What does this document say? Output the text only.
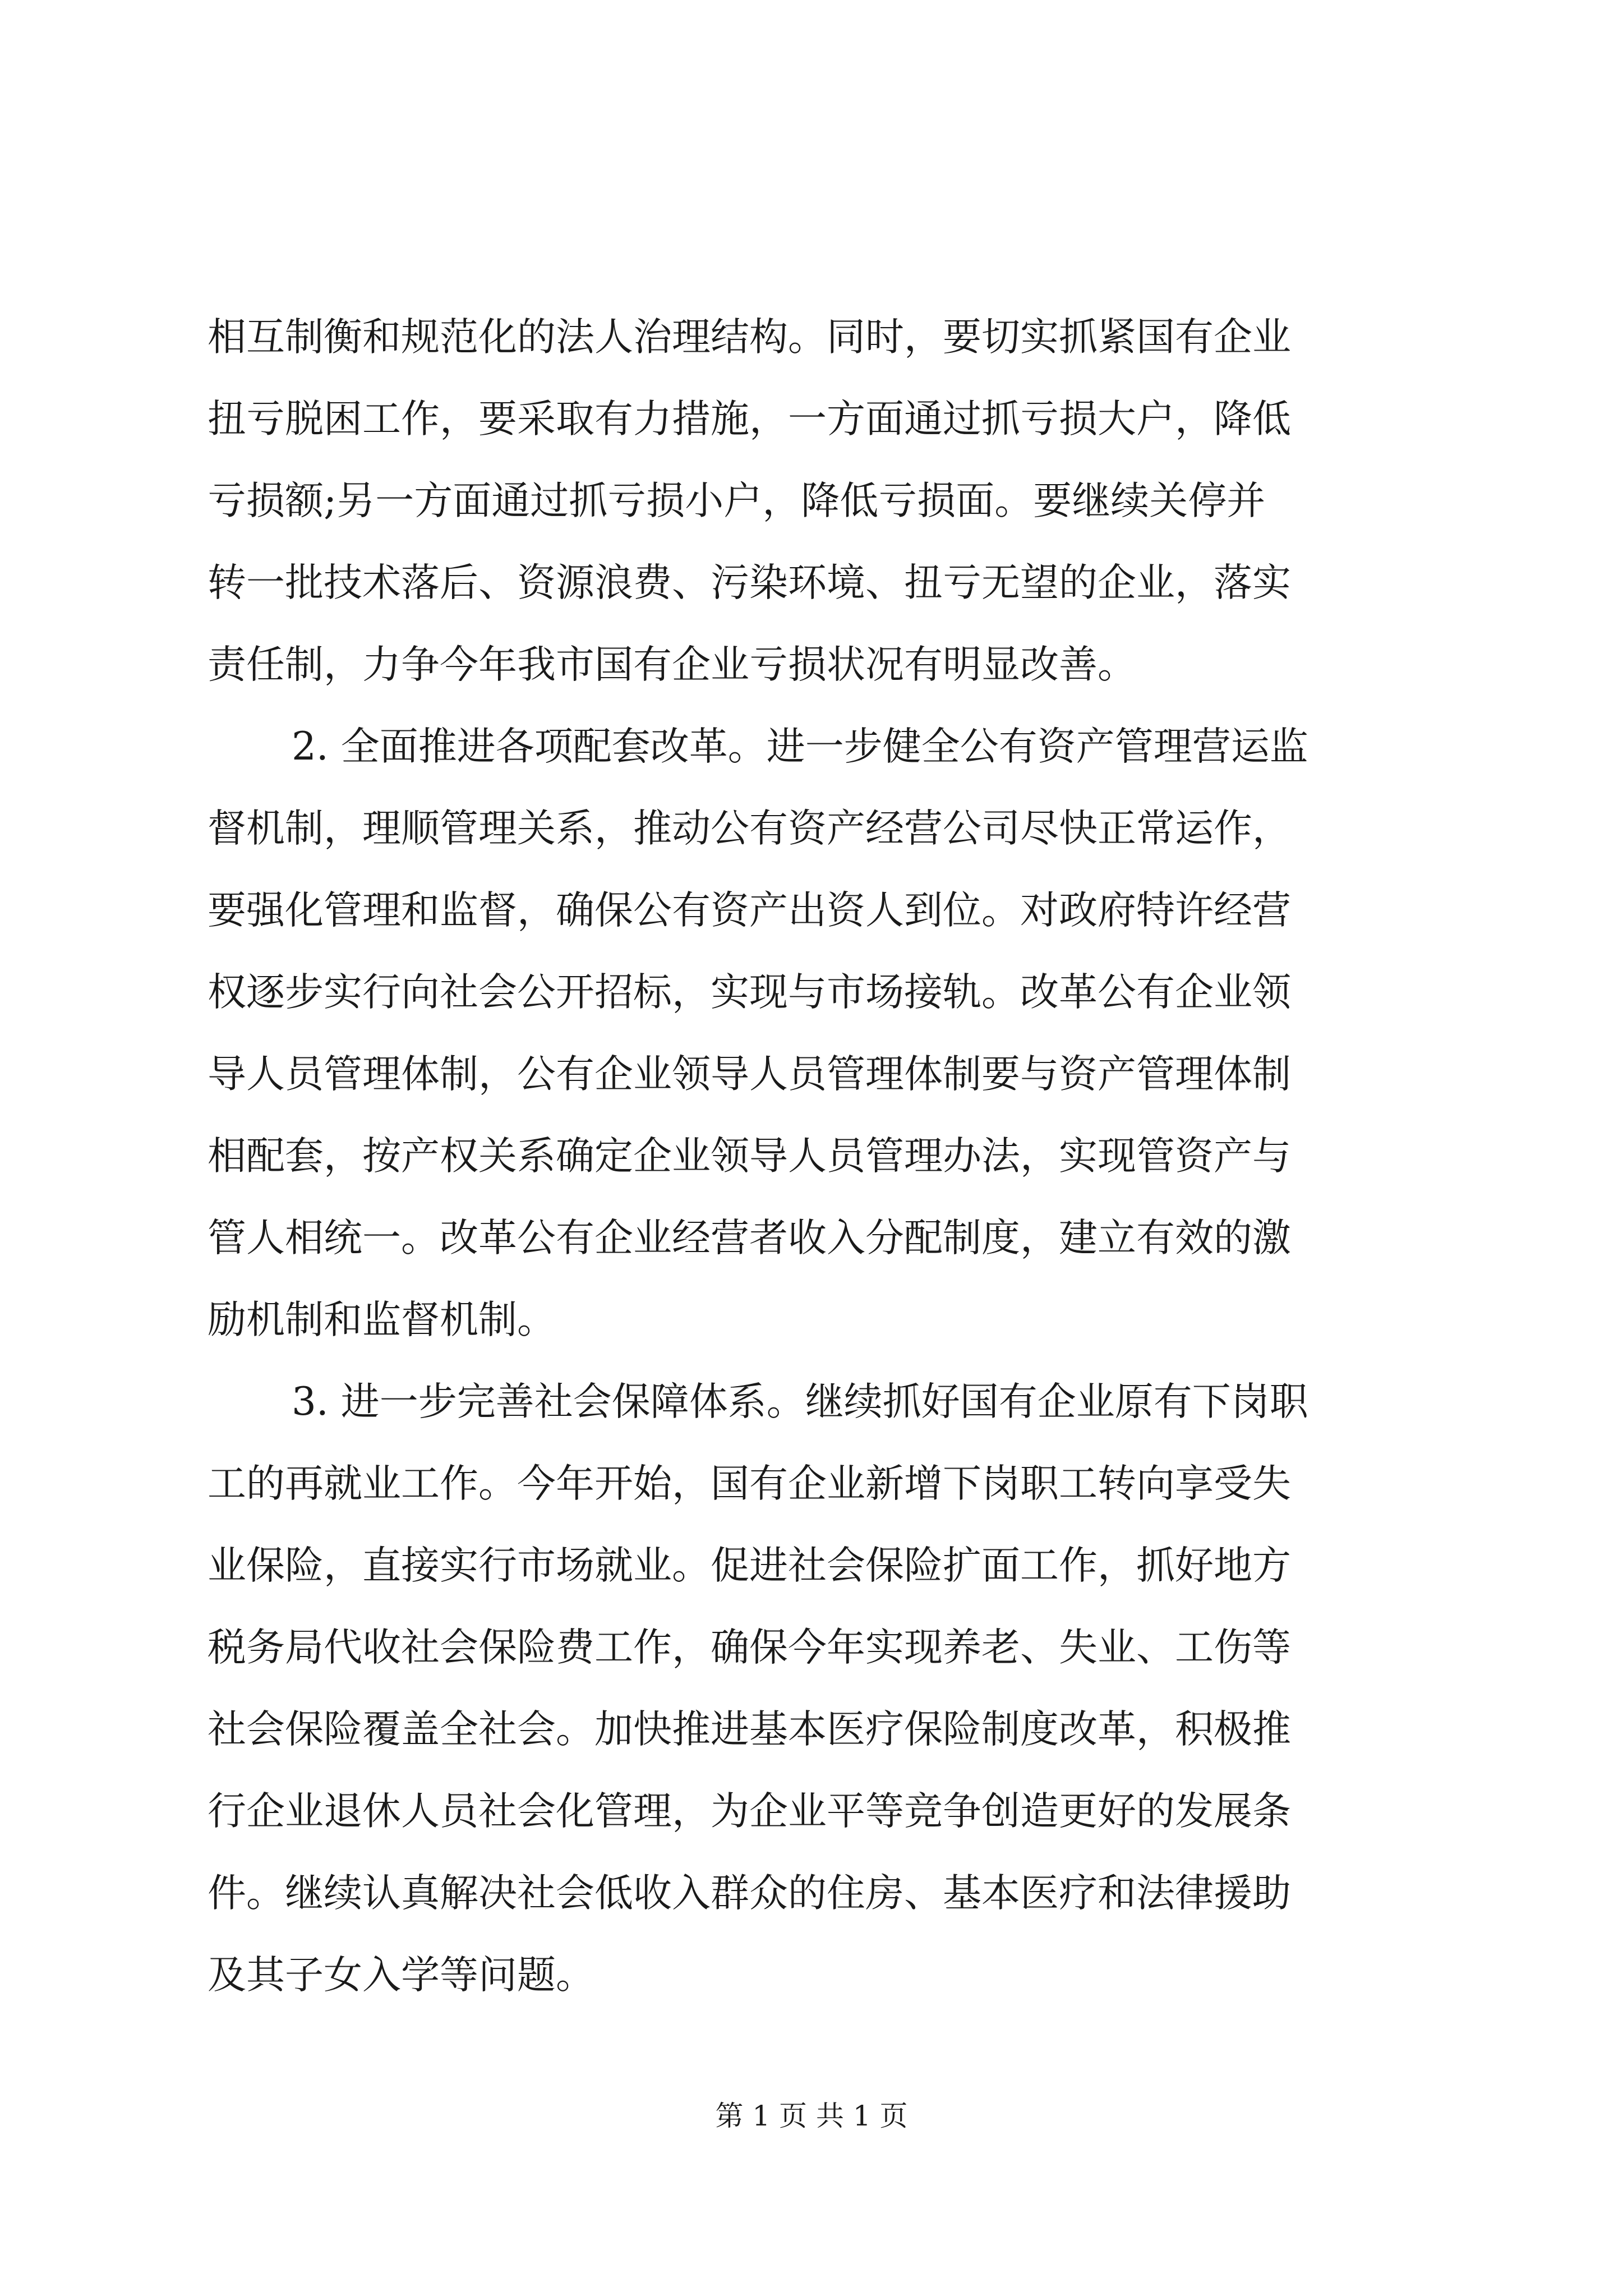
相互制衡和规范化的法人治理结构。同时，要切实抓紧国有企业
扭亏脱困工作，要采取有力措施，一方面通过抓亏损大户，降低
亏损额;另一方面通过抓亏损小户，降低亏损面。要继续关停并
转一批技术落后、资源浪费、污染环境、扭亏无望的企业，落实
责任制，力争今年我市国有企业亏损状况有明显改善。
2. 全面推进各项配套改革。进一步健全公有资产管理营运监
督机制，理顺管理关系，推动公有资产经营公司尽快正常运作，
要强化管理和监督，确保公有资产出资人到位。对政府特许经营
权逐步实行向社会公开招标，实现与市场接轨。改革公有企业领
导人员管理体制，公有企业领导人员管理体制要与资产管理体制
相配套，按产权关系确定企业领导人员管理办法，实现管资产与
管人相统一。改革公有企业经营者收入分配制度，建立有效的激
励机制和监督机制。
3. 进一步完善社会保障体系。继续抓好国有企业原有下岗职
工的再就业工作。今年开始，国有企业新增下岗职工转向享受失
业保险，直接实行市场就业。促进社会保险扩面工作，抓好地方
税务局代收社会保险费工作，确保今年实现养老、失业、工伤等
社会保险覆盖全社会。加快推进基本医疗保险制度改革，积极推
行企业退休人员社会化管理，为企业平等竞争创造更好的发展条
件。继续认真解决社会低收入群众的住房、基本医疗和法律援助
及其子女入学等问题。
第 1 页 共 1 页
